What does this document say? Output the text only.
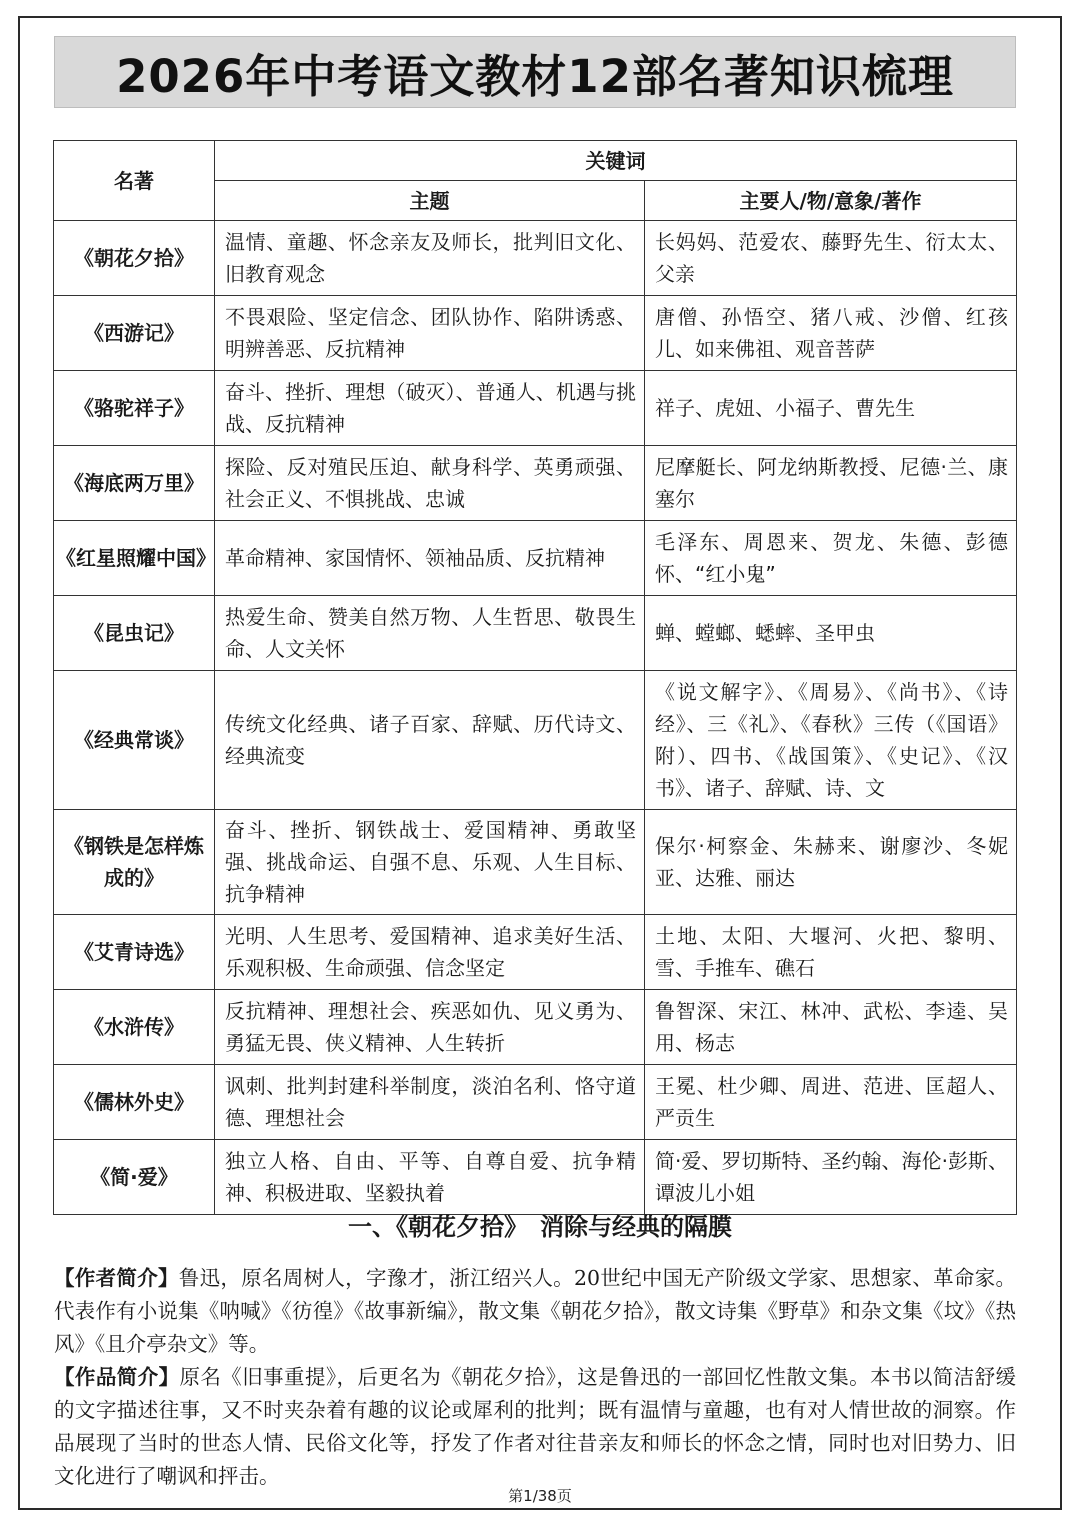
2026年中考语文教材12部名著知识梳理
名著	关键词	
	主题	主要人/物/意象/著作
《朝花夕拾》	温情、童趣、怀念亲友及师长，批判旧文化、旧教育观念	长妈妈、范爱农、藤野先生、衍太太、父亲
《西游记》	不畏艰险、坚定信念、团队协作、陷阱诱惑、明辨善恶、反抗精神	唐僧、孙悟空、猪八戒、沙僧、红孩儿、如来佛祖、观音菩萨
《骆驼祥子》	奋斗、挫折、理想（破灭）、普通人、机遇与挑战、反抗精神	祥子、虎妞、小福子、曹先生
《海底两万里》	探险、反对殖民压迫、献身科学、英勇顽强、社会正义、不惧挑战、忠诚	尼摩艇长、阿龙纳斯教授、尼德·兰、康塞尔
《红星照耀中国》	革命精神、家国情怀、领袖品质、反抗精神	毛泽东、周恩来、贺龙、朱德、彭德怀、“红小鬼”
《昆虫记》	热爱生命、赞美自然万物、人生哲思、敬畏生命、人文关怀	蝉、螳螂、蟋蟀、圣甲虫
《经典常谈》	传统文化经典、诸子百家、辞赋、历代诗文、经典流变	《说文解字》、《周易》、《尚书》、《诗经》、三《礼》、《春秋》三传（《国语》附）、四书、《战国策》、《史记》、《汉书》、诸子、辞赋、诗、文
《钢铁是怎样炼成的》	奋斗、挫折、钢铁战士、爱国精神、勇敢坚强、挑战命运、自强不息、乐观、人生目标、抗争精神	保尔·柯察金、朱赫来、谢廖沙、冬妮亚、达雅、丽达
《艾青诗选》	光明、人生思考、爱国精神、追求美好生活、乐观积极、生命顽强、信念坚定	土地、太阳、大堰河、火把、黎明、雪、手推车、礁石
《水浒传》	反抗精神、理想社会、疾恶如仇、见义勇为、勇猛无畏、侠义精神、人生转折	鲁智深、宋江、林冲、武松、李逵、吴用、杨志
《儒林外史》	讽刺、批判封建科举制度，淡泊名利、恪守道德、理想社会	王冕、杜少卿、周进、范进、匡超人、严贡生
《简·爱》	独立人格、自由、平等、自尊自爱、抗争精神、积极进取、坚毅执着	简·爱、罗切斯特、圣约翰、海伦·彭斯、谭波儿小姐
一、《朝花夕拾》　消除与经典的隔膜

【作者简介】鲁迅，原名周树人，字豫才，浙江绍兴人。20世纪中国无产阶级文学家、思想家、革命家。代表作有小说集《呐喊》《彷徨》《故事新编》，散文集《朝花夕拾》，散文诗集《野草》和杂文集《坟》《热风》《且介亭杂文》等。

【作品简介】原名《旧事重提》，后更名为《朝花夕拾》，这是鲁迅的一部回忆性散文集。本书以简洁舒缓的文字描述往事，又不时夹杂着有趣的议论或犀利的批判；既有温情与童趣，也有对人情世故的洞察。作品展现了当时的世态人情、民俗文化等，抒发了作者对往昔亲友和师长的怀念之情，同时也对旧势力、旧文化进行了嘲讽和抨击。

第1/38页
